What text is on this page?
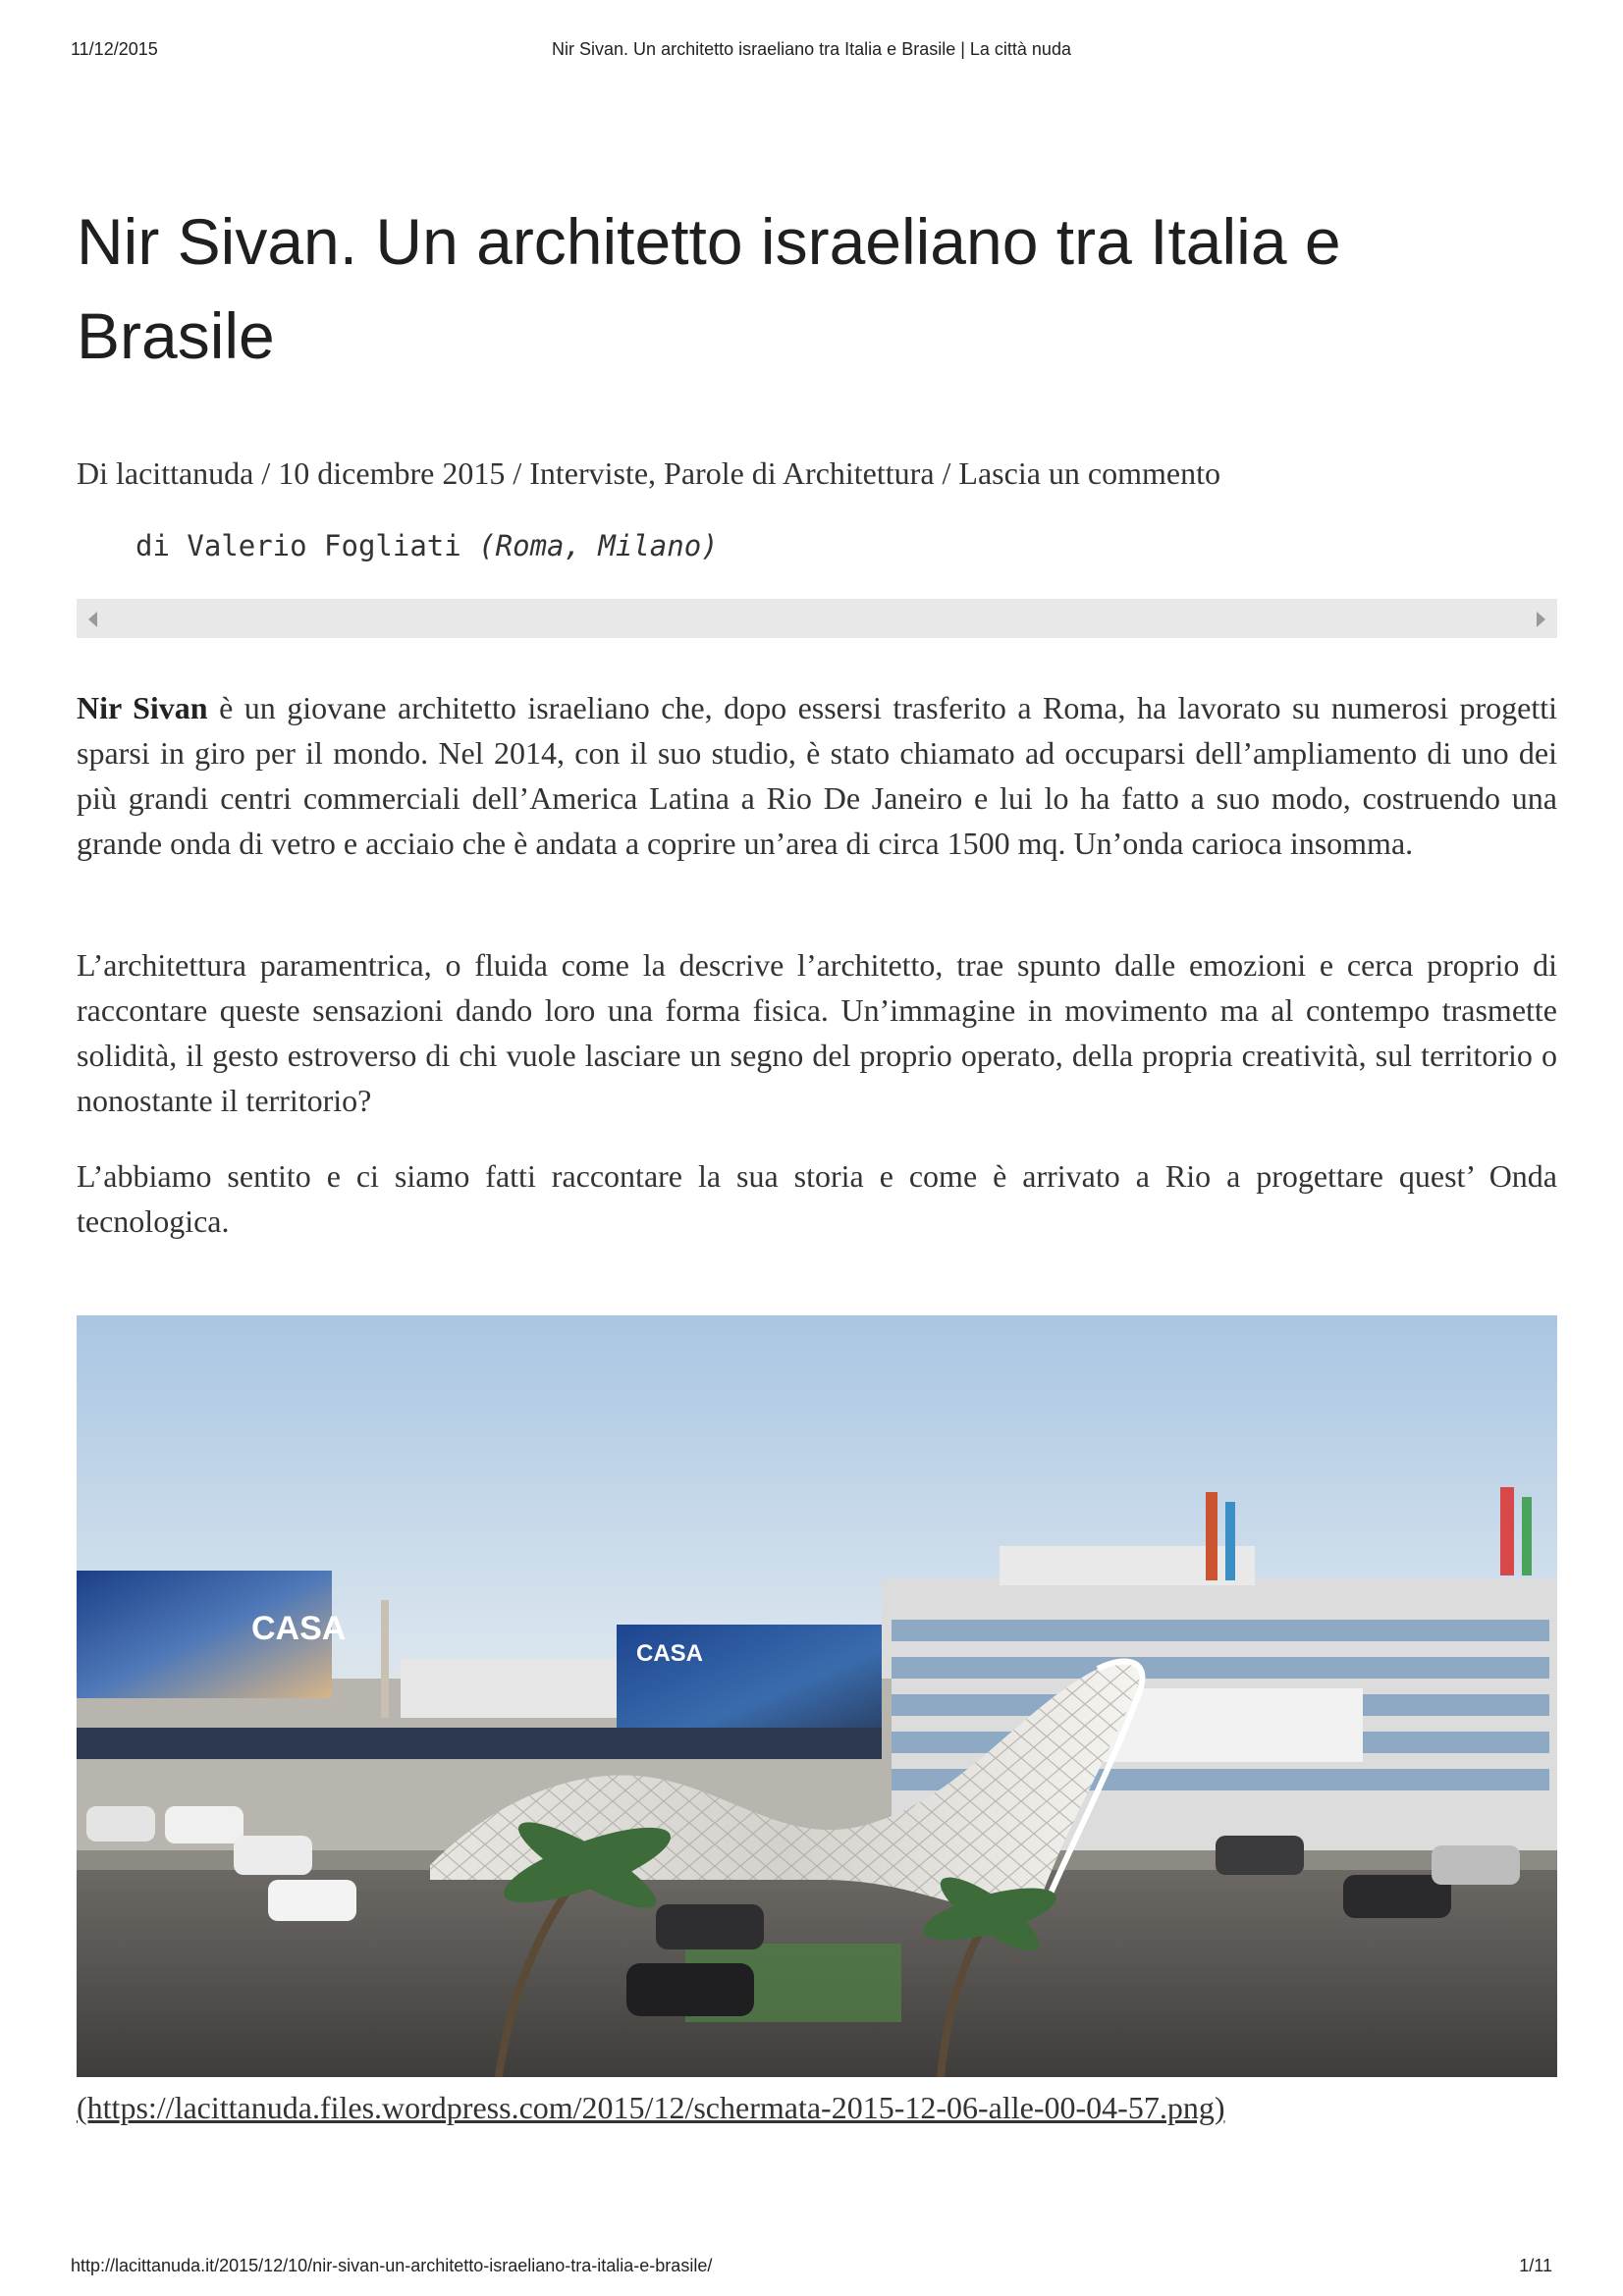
11/12/2015	Nir Sivan. Un architetto israeliano tra Italia e Brasile | La città nuda
Nir Sivan. Un architetto israeliano tra Italia e Brasile
Di lacittanuda / 10 dicembre 2015 / Interviste, Parole di Architettura / Lascia un commento
di Valerio Fogliati (Roma, Milano)

Nir Sivan è un giovane architetto israeliano che, dopo essersi trasferito a Roma, ha lavorato su numerosi progetti sparsi in giro per il mondo. Nel 2014, con il suo studio, è stato chiamato ad occuparsi dell’ampliamento di uno dei più grandi centri commerciali dell’America Latina a Rio De Janeiro e lui lo ha fatto a suo modo, costruendo una grande onda di vetro e acciaio che è andata a coprire un’area di circa 1500 mq. Un’onda carioca insomma.

L’architettura paramentrica, o fluida come la descrive l’architetto, trae spunto dalle emozioni e cerca proprio di raccontare queste sensazioni dando loro una forma fisica. Un’immagine in movimento ma al contempo trasmette solidità, il gesto estroverso di chi vuole lasciare un segno del proprio operato, della propria creatività, sul territorio o nonostante il territorio?

L’abbiamo sentito e ci siamo fatti raccontare la sua storia e come è arrivato a Rio a progettare quest’ Onda tecnologica.

CASA
CASA
(https://lacittanuda.files.wordpress.com/2015/12/schermata-2015-12-06-alle-00-04-57.png)
http://lacittanuda.it/2015/12/10/nir-sivan-un-architetto-israeliano-tra-italia-e-brasile/	1/11
